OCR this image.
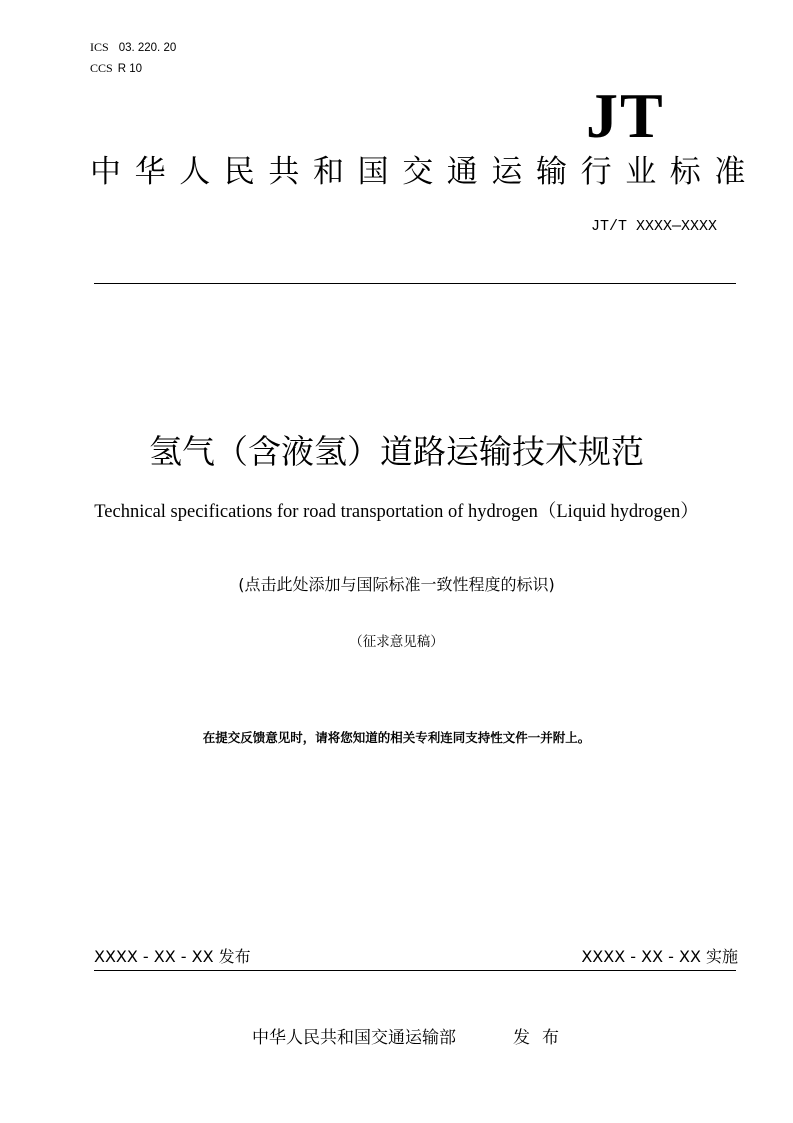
ICS 03. 220. 20
CCS R 10
JT
中华人民共和国交通运输行业标准
JT/T XXXX—XXXX
氢气（含液氢）道路运输技术规范
Technical specifications for road transportation of hydrogen（Liquid hydrogen）
(点击此处添加与国际标准一致性程度的标识)
（征求意见稿）
在提交反馈意见时，请将您知道的相关专利连同支持性文件一并附上。
XXXX - XX - XX 发布	XXXX - XX - XX 实施
中华人民共和国交通运输部	发布
